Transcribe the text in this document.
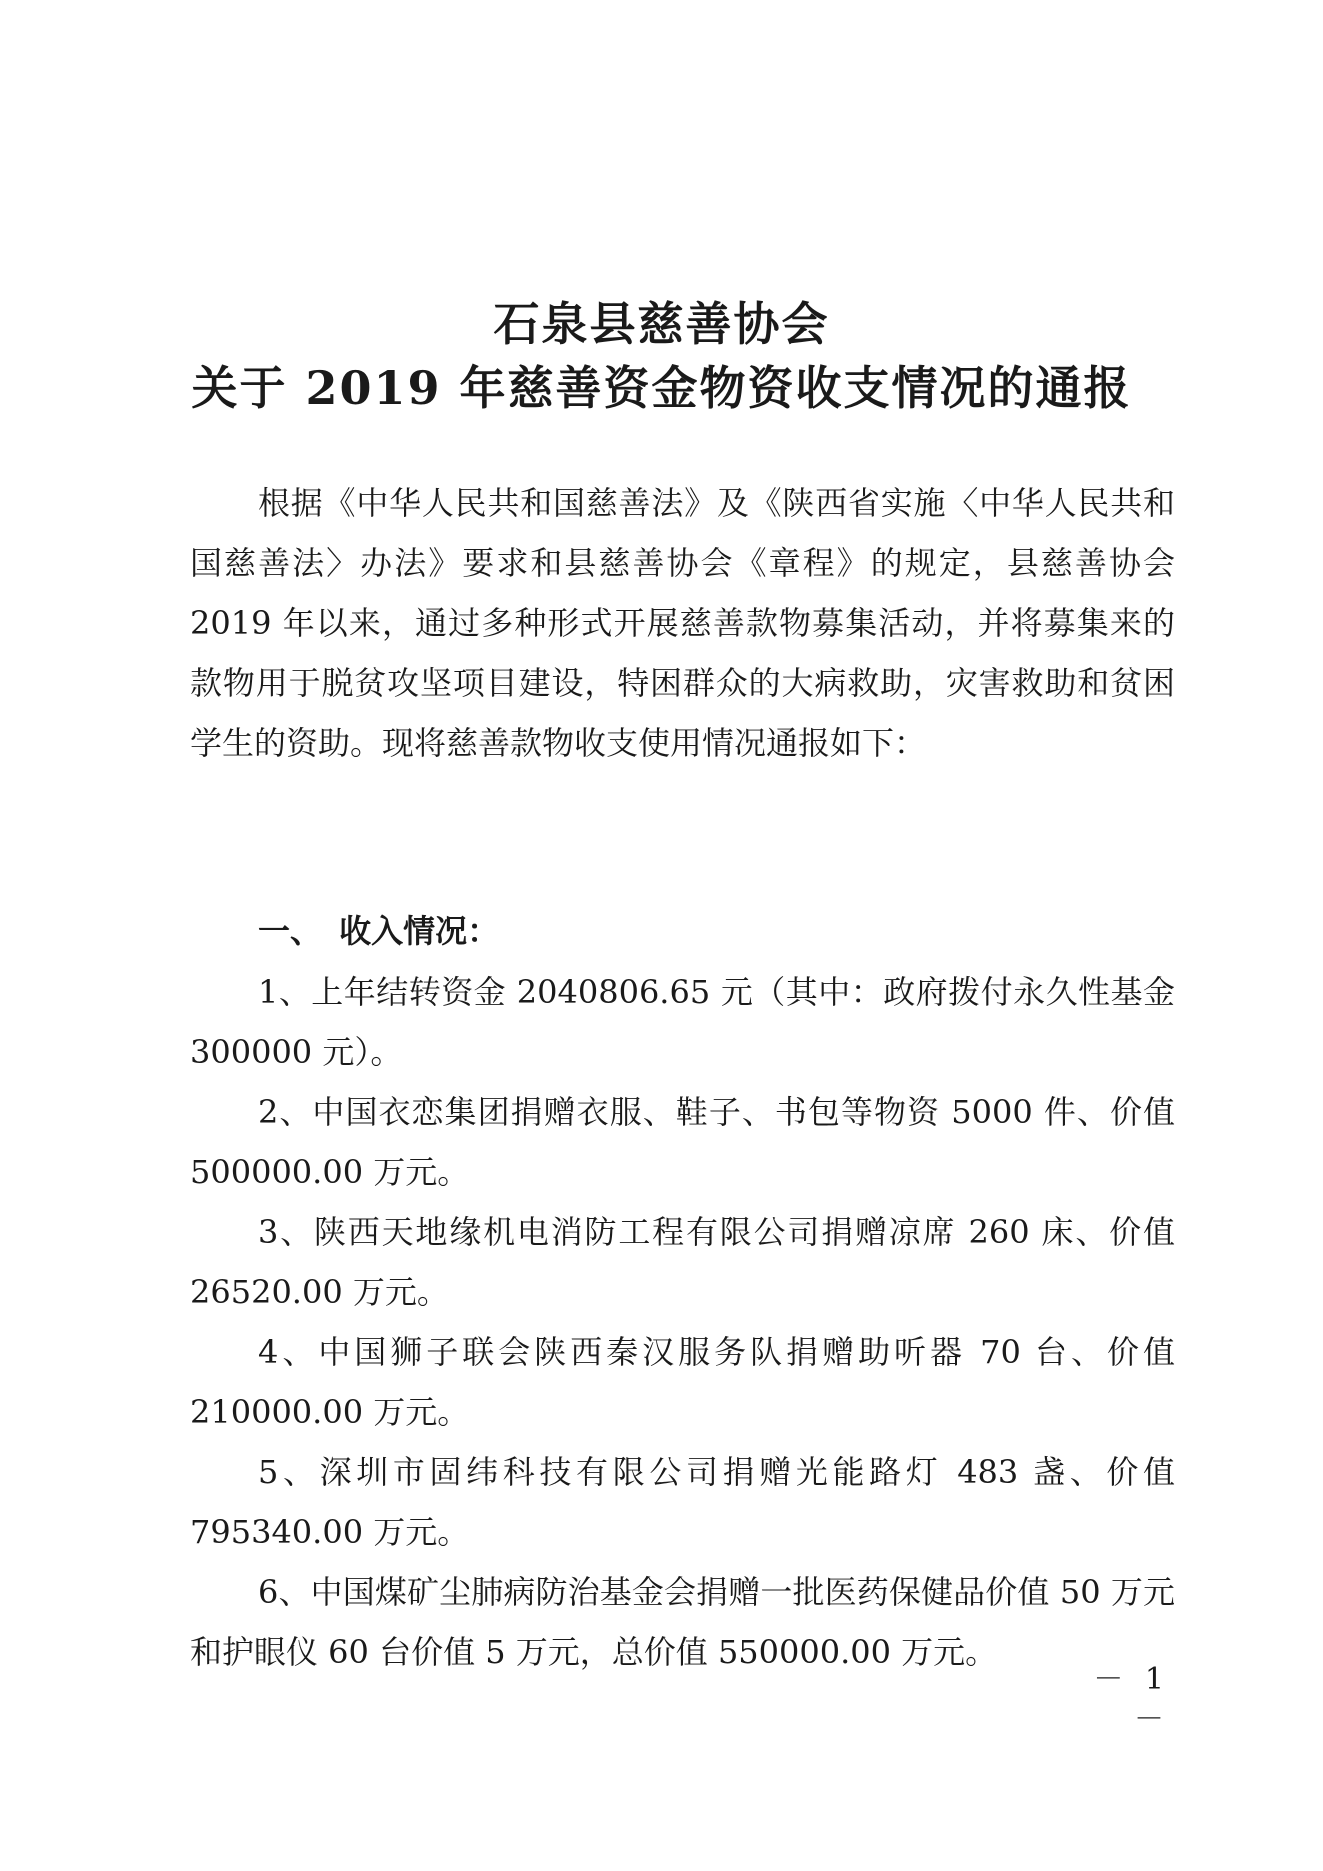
石泉县慈善协会
关于 2019 年慈善资金物资收支情况的通报

根据《中华人民共和国慈善法》及《陕西省实施〈中华人民共和国慈善法〉办法》要求和县慈善协会《章程》的规定，县慈善协会 2019 年以来，通过多种形式开展慈善款物募集活动，并将募集来的款物用于脱贫攻坚项目建设，特困群众的大病救助，灾害救助和贫困学生的资助。现将慈善款物收支使用情况通报如下：

一、 收入情况：

1、上年结转资金 2040806.65 元（其中：政府拨付永久性基金 300000 元）。

2、中国衣恋集团捐赠衣服、鞋子、书包等物资 5000 件、价值 500000.00 万元。

3、陕西天地缘机电消防工程有限公司捐赠凉席 260 床、价值 26520.00 万元。

4、中国狮子联会陕西秦汉服务队捐赠助听器 70 台、价值 210000.00 万元。

5、深圳市固纬科技有限公司捐赠光能路灯 483 盏、价值 795340.00 万元。

6、中国煤矿尘肺病防治基金会捐赠一批医药保健品价值 50 万元和护眼仪 60 台价值 5 万元，总价值 550000.00 万元。

－ 1 －
